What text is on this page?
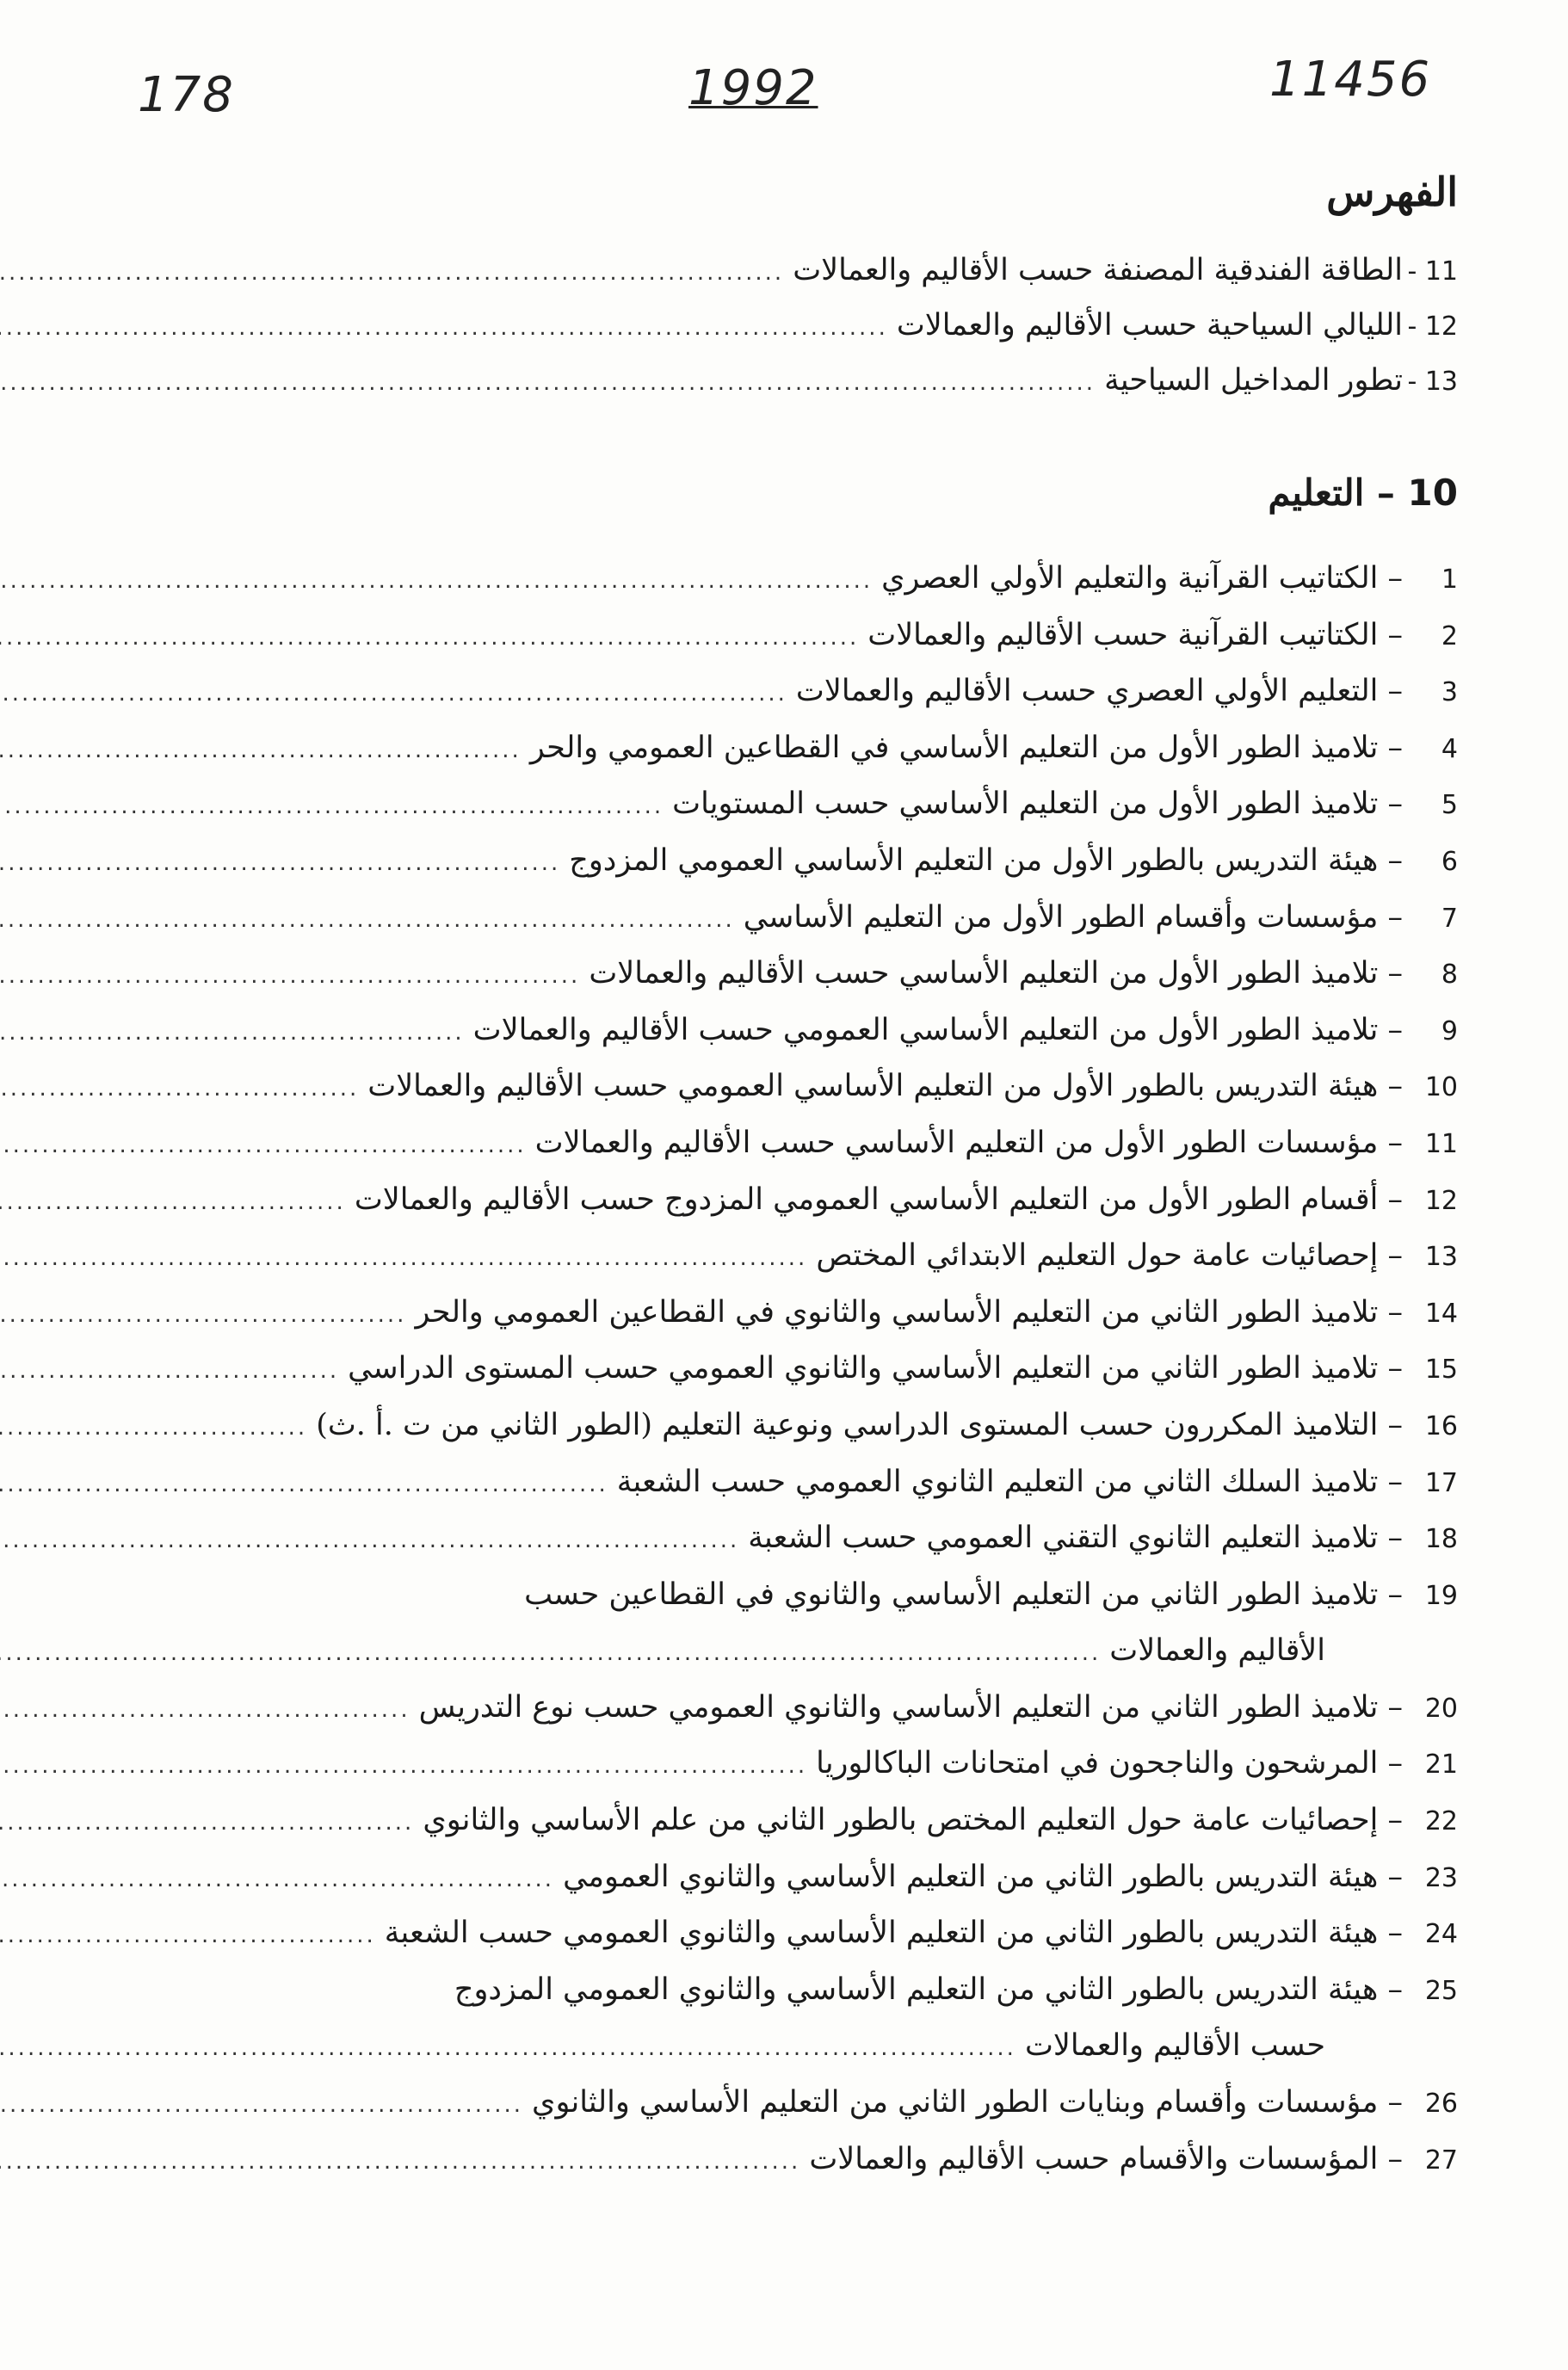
178	1992	11456
الفهرس
11 -
الطاقة الفندقية المصنفة حسب الأقاليم والعمالات
.....
12 -
الليالي السياحية حسب الأقاليم والعمالات
.....
13 -
تطور المداخيل السياحية
.....
10 – التعليم
1
– الكتاتيب القرآنية والتعليم الأولي العصري
.....
2
– الكتاتيب القرآنية حسب الأقاليم والعمالات
.....
3
– التعليم الأولي العصري حسب الأقاليم والعمالات
.....
4
– تلاميذ الطور الأول من التعليم الأساسي في القطاعين العمومي والحر
.....
5
– تلاميذ الطور الأول من التعليم الأساسي حسب المستويات
.....
6
– هيئة التدريس بالطور الأول من التعليم الأساسي العمومي المزدوج
.....
7
– مؤسسات وأقسام الطور الأول من التعليم الأساسي
.....
8
– تلاميذ الطور الأول من التعليم الأساسي حسب الأقاليم والعمالات
.....
9
– تلاميذ الطور الأول من التعليم الأساسي العمومي حسب الأقاليم والعمالات
.....
10
– هيئة التدريس بالطور الأول من التعليم الأساسي العمومي حسب الأقاليم والعمالات
.....
11
– مؤسسات الطور الأول من التعليم الأساسي حسب الأقاليم والعمالات
.....
12
– أقسام الطور الأول من التعليم الأساسي العمومي المزدوج حسب الأقاليم والعمالات
.....
13
– إحصائيات عامة حول التعليم الابتدائي المختص
.....
14
– تلاميذ الطور الثاني من التعليم الأساسي والثانوي في القطاعين العمومي والحر
.....
15
– تلاميذ الطور الثاني من التعليم الأساسي والثانوي العمومي حسب المستوى الدراسي
.....
16
– التلاميذ المكررون حسب المستوى الدراسي ونوعية التعليم (الطور الثاني من ت .أ .ث)
.....
17
– تلاميذ السلك الثاني من التعليم الثانوي العمومي حسب الشعبة
.....
18
– تلاميذ التعليم الثانوي التقني العمومي حسب الشعبة
.....
19
– تلاميذ الطور الثاني من التعليم الأساسي والثانوي في القطاعين حسب
الأقاليم والعمالات
.....
20
– تلاميذ الطور الثاني من التعليم الأساسي والثانوي العمومي حسب نوع التدريس
.....
21
– المرشحون والناجحون في امتحانات الباكالوريا
.....
22
– إحصائيات عامة حول التعليم المختص بالطور الثاني من علم الأساسي والثانوي
.....
23
– هيئة التدريس بالطور الثاني من التعليم الأساسي والثانوي العمومي
.....
24
– هيئة التدريس بالطور الثاني من التعليم الأساسي والثانوي العمومي حسب الشعبة
.....
25
– هيئة التدريس بالطور الثاني من التعليم الأساسي والثانوي العمومي المزدوج
حسب الأقاليم والعمالات
.....
26
– مؤسسات وأقسام وبنايات الطور الثاني من التعليم الأساسي والثانوي
.....
27
– المؤسسات والأقسام حسب الأقاليم والعمالات
.....
